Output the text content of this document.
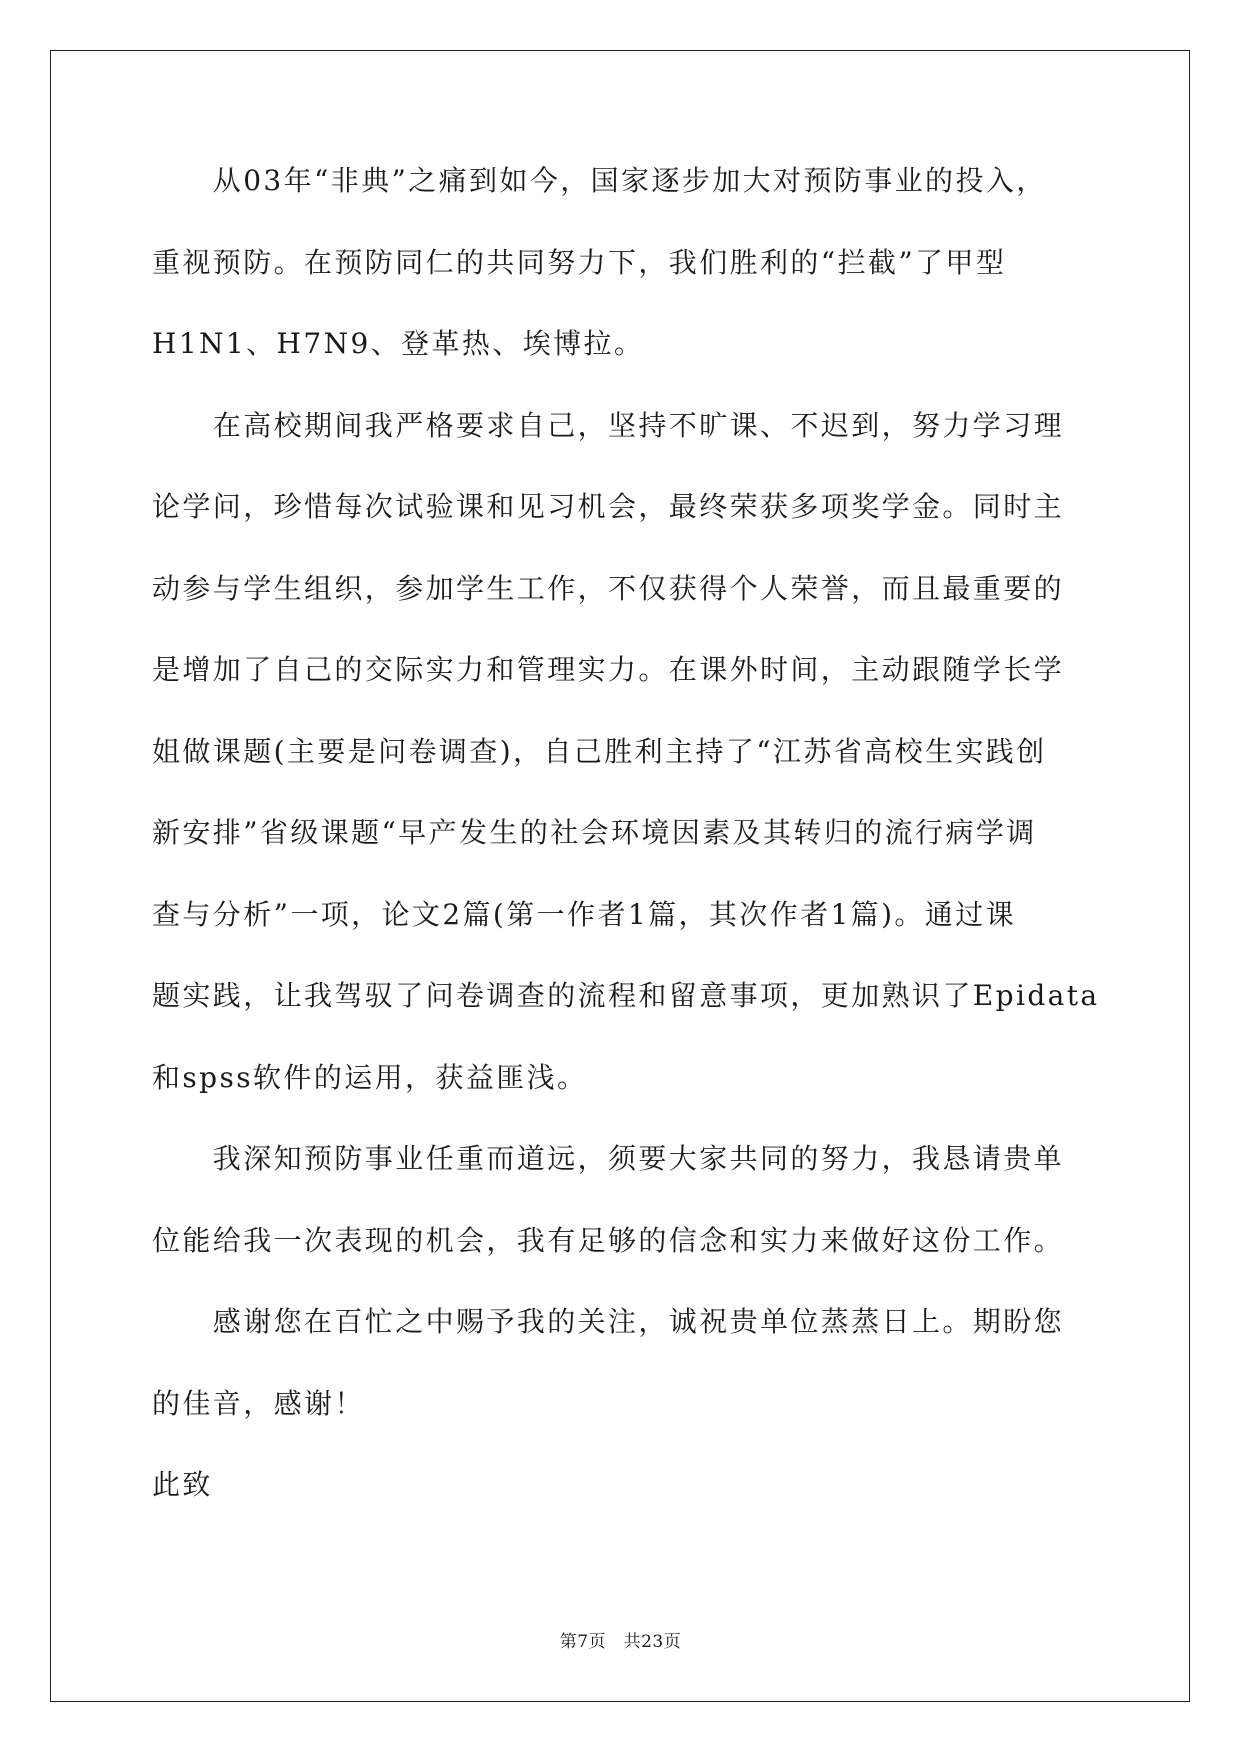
　　从03年“非典”之痛到如今，国家逐步加大对预防事业的投入，
重视预防。在预防同仁的共同努力下，我们胜利的“拦截”了甲型
H1N1、H7N9、登革热、埃博拉。
　　在高校期间我严格要求自己，坚持不旷课、不迟到，努力学习理
论学问，珍惜每次试验课和见习机会，最终荣获多项奖学金。同时主
动参与学生组织，参加学生工作，不仅获得个人荣誉，而且最重要的
是增加了自己的交际实力和管理实力。在课外时间，主动跟随学长学
姐做课题(主要是问卷调查)，自己胜利主持了“江苏省高校生实践创
新安排”省级课题“早产发生的社会环境因素及其转归的流行病学调
查与分析”一项，论文2篇(第一作者1篇，其次作者1篇)。通过课
题实践，让我驾驭了问卷调查的流程和留意事项，更加熟识了Epidata
和spss软件的运用，获益匪浅。
　　我深知预防事业任重而道远，须要大家共同的努力，我恳请贵单
位能给我一次表现的机会，我有足够的信念和实力来做好这份工作。
　　感谢您在百忙之中赐予我的关注，诚祝贵单位蒸蒸日上。期盼您
的佳音，感谢！
此致
第7页　共23页
